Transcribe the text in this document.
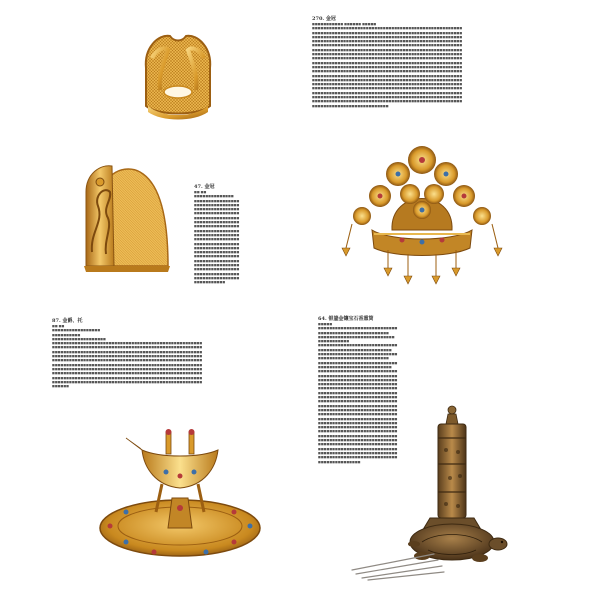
270. 金冠

■■■■■■■■■■■ ■■■■■■ ■■■■■

■■■■■■■■■■■■■■■■■■■■■■■■■■■■■■■■■■■■■■■■■■■■■■■■■■■■■

■■■■■■■■■■■■■■■■■■■■■■■■■■■■■■■■■■■■■■■■■■■■■■■■■■■■■

■■■■■■■■■■■■■■■■■■■■■■■■■■■■■■■■■■■■■■■■■■■■■■■■■■■■■

■■■■■■■■■■■■■■■■■■■■■■■■■■■■■■■■■■■■■■■■■■■■■■■■■■■■■

■■■■■■■■■■■■■■■■■■■■■■■■■■■■■■■■■■■■■■■■■■■■■■■■■■■■■

■■■■■■■■■■■■■■■■■■■■■■■■■■■■■■■■■■■■■■■■■■■■■■■■■■■■■

■■■■■■■■■■■■■■■■■■■■■■■■■■■■■■■■■■■■■■■■■■■■■■■■■■■■■

■■■■■■■■■■■■■■■■■■■■■■■■■■■■■■■■■■■■■■■■■■■■■■■■■■■■■

■■■■■■■■■■■■■■■■■■■■■■■■■■■■■■■■■■■■■■■■■■■■■■■■■■■■■

■■■■■■■■■■■■■■■■■■■■■■■■■■■■■■■■■■■■■■■■■■■■■■■■■■■■■

■■■■■■■■■■■■■■■■■■■■■■■■■■■■■■■■■■■■■■■■■■■■■■■■■■■■■

■■■■■■■■■■■■■■■■■■■■■■■■■■■■■■■■■■■■■■■■■■■■■■■■■■■■■

■■■■■■■■■■■■■■■■■■■■■■■■■■■■■■■■■■■■■■■■■■■■■■■■■■■■■

■■■■■■■■■■■■■■■■■■■■■■■■■■■■■■■■■■■■■■■■■■■■■■■■■■■■■

■■■■■■■■■■■■■■■■■■■■■■■■■■■■■■■■■■■■■■■■■■■■■■■■■■■■■

■■■■■■■■■■■■■■■■■■■■■■■■■■■■■■■■■■■■■■■■■■■■■■■■■■■■■

■■■■■■■■■■■■■■■■■■■■■■■■■■■■■■■■■■■■■■■■■■■■■■■■■■■■■

■■■■■■■■■■■■■■■■■■■■■■■■■■■■■■■■■■■■■■■■■■■■■■■■■■■■■

■■■■■■■■■■■■■■■■■■■■■■■■■■■

47. 金冠

■■ ■■

■■■■■■■■■■■■■■

■■■■■■■■■■■■■■■■

■■■■■■■■■■■■■■■■

■■■■■■■■■■■■■■■■

■■■■■■■■■■■■■■■■

■■■■■■■■■■■■■■■■

■■■■■■■■■■■■■■■■

■■■■■■■■■■■■■■■■

■■■■■■■■■■■■■■■■

■■■■■■■■■■■■■■■■

■■■■■■■■■■■■■■■■

■■■■■■■■■■■■■■■■

■■■■■■■■■■■■■■■■

■■■■■■■■■■■■■■■■

■■■■■■■■■■■■■■■■

■■■■■■■■■■■■■■■■

■■■■■■■■■■■■■■■■

■■■■■■■■■■■■■■■■

■■■■■■■■■■■■■■■■

■■■■■■■■■■■■■■■■

■■■■■■■■■■■

87. 金爵、托

■■ ■■

■■■■■■■■■■■■■■■■■

■■■■■■■■■■

■■■■■■■■■■■■■■■■■■■

■■■■■■■■■■■■■■■■■■■■■■■■■■■■■■■■■■■■■■■■■■■■■■■■■■■■■

■■■■■■■■■■■■■■■■■■■■■■■■■■■■■■■■■■■■■■■■■■■■■■■■■■■■■

■■■■■■■■■■■■■■■■■■■■■■■■■■■■■■■■■■■■■■■■■■■■■■■■■■■■■

■■■■■■■■■■■■■■■■■■■■■■■■■■■■■■■■■■■■■■■■■■■■■■■■■■■■■

■■■■■■■■■■■■■■■■■■■■■■■■■■■■■■■■■■■■■■■■■■■■■■■■■■■■■

■■■■■■■■■■■■■■■■■■■■■■■■■■■■■■■■■■■■■■■■■■■■■■■■■■■■■

■■■■■■■■■■■■■■■■■■■■■■■■■■■■■■■■■■■■■■■■■■■■■■■■■■■■■

■■■■■■■■■■■■■■■■■■■■■■■■■■■■■■■■■■■■■■■■■■■■■■■■■■■■■

■■■■■■■■■■■■■■■■■■■■■■■■■■■■■■■■■■■■■■■■■■■■■■■■■■■■■

■■■■■■■■■■■■■■■■■■■■■■■■■■■■■■■■■■■■■■■■■■■■■■■■■■■■■

■■■■■■

64. 银鎏金镶宝石香熏筒

■■■■■

■■■■■■■■■■■■■■■■■■■■■■■■■■■■

■■■■■■■■■■■■■■■■■■■■■■■■■

■■■■■■■■■■■■■■■■■■■■■■■■■■■

■■■■■■■■■■■

■■■■■■■■■■■■■■■■■■■■■■■■■■■■

■■■■■■■■■■■■■■■■■■■■■■■■■■

■■■■■■■■■■■■■■■■■■■■■■■■■■■■

■■■■■■■■■■■■■■■■■■■■■■■■■

■■■■■■■■■■■■■■■■■■■■■■■■■■■■

■■■■■■■■■■■■■■■■■■■■■■■■■■

■■■■■■■■■■■■■■■■■■■■■■■■■■■■

■■■■■■■■■■■■■■■■■■■■■■■■■■■■

■■■■■■■■■■■■■■■■■■■■■■■■■■■■

■■■■■■■■■■■■■■■■■■■■■■■■■■■■

■■■■■■■■■■■■■■■■■■■■■■■■■■■■

■■■■■■■■■■■■■■■■■■■■■■■■■■■■

■■■■■■■■■■■■■■■■■■■■■■■■■■■■

■■■■■■■■■■■■■■■■■■■■■■■■■■■■

■■■■■■■■■■■■■■■■■■■■■■■■■■■■

■■■■■■■■■■■■■■■■■■■■■■■■■■■■

■■■■■■■■■■■■■■■■■■■■■■■■■■■■

■■■■■■■■■■■■■■■■■■■■■■■■■■■■

■■■■■■■■■■■■■■■■■■■■■■■■■■■■

■■■■■■■■■■■■■■■■■■■■■■■■■■■■

■■■■■■■■■■■■■■■■■■■■■■■■■■■■

■■■■■■■■■■■■■■■■■■■■■■■■■■■■

■■■■■■■■■■■■■■■■■■■■■■■■■■■■

■■■■■■■■■■■■■■■■■■■■■■■■■■■■

■■■■■■■■■■■■■■■■■■■■■■■■■■■■

■■■■■■■■■■■■■■■■■■■■■■■■■■■■

■■■■■■■■■■■■■■■■■■■■■■■■■■■■

■■■■■■■■■■■■■■■
